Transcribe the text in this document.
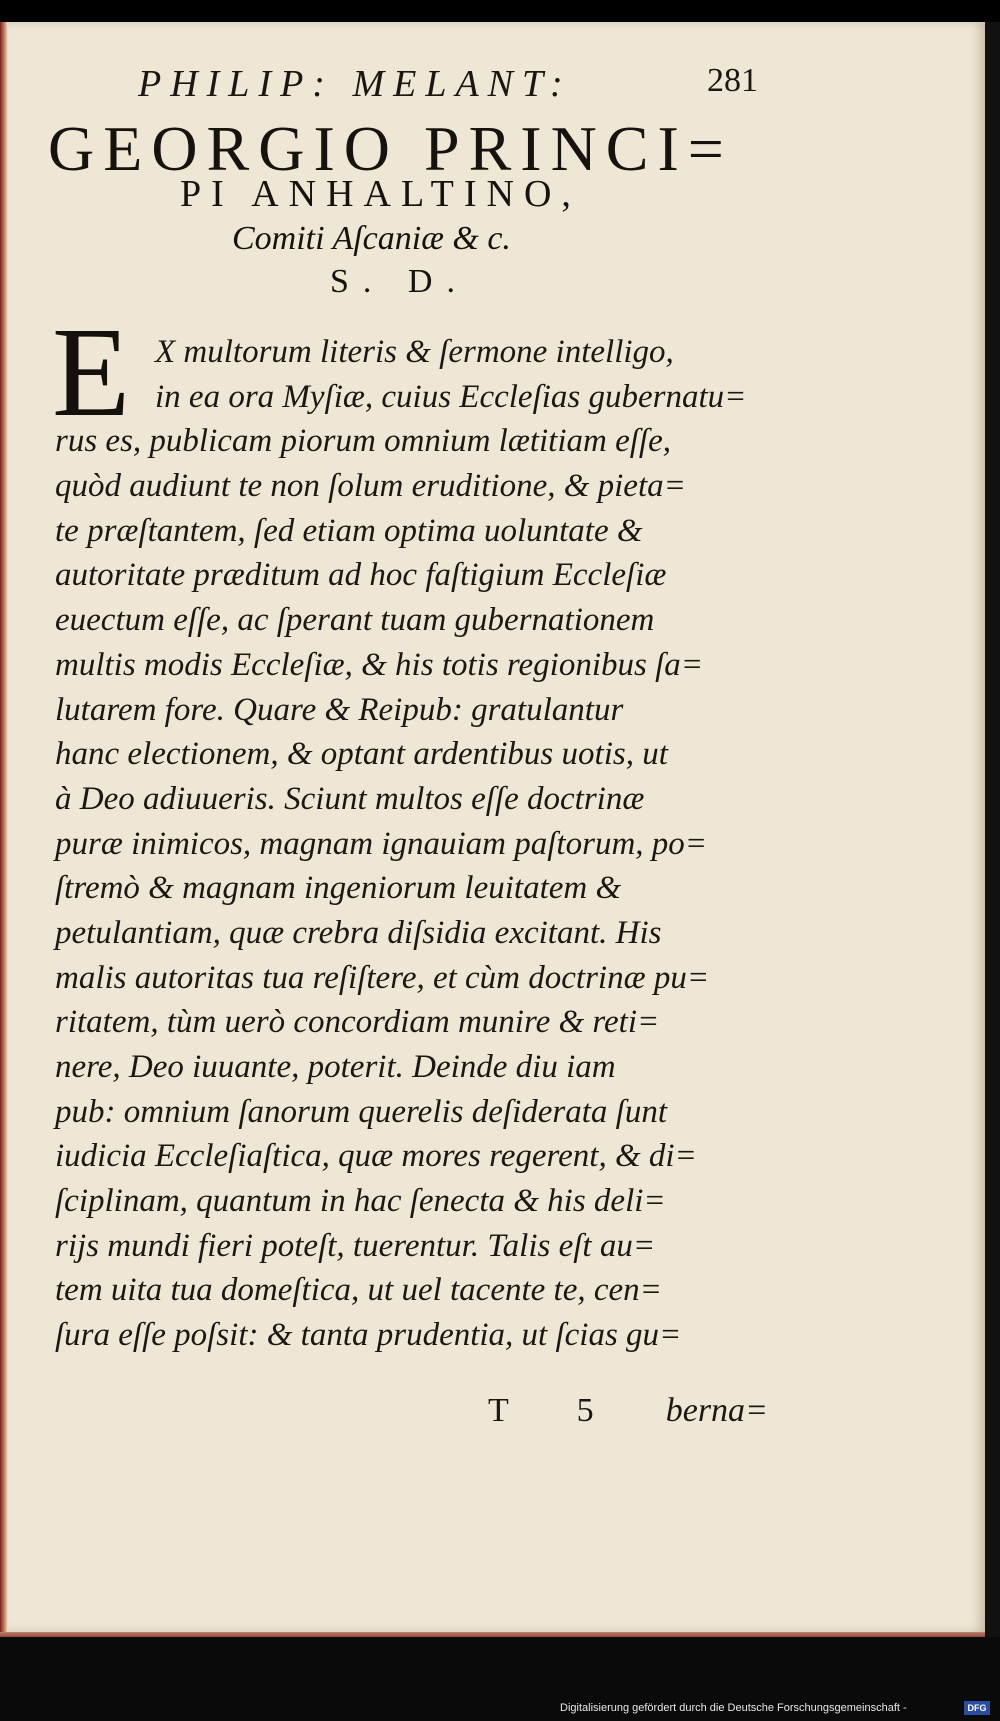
PHILIP: MELANT:	281
GEORGIO PRINCI=
PI ANHALTINO,
Comiti Aſcaniæ & c.
S. D.
E X multorum literis & ſermone intelligo,
in ea ora Myſiæ, cuius Eccleſias gubernatu=
rus es, publicam piorum omnium lætitiam eſſe,
quòd audiunt te non ſolum eruditione, & pieta=
te præſtantem, ſed etiam optima uoluntate &
autoritate præditum ad hoc faſtigium Eccleſiæ
euectum eſſe, ac ſperant tuam gubernationem
multis modis Eccleſiæ, & his totis regionibus ſa=
lutarem fore. Quare & Reipub: gratulantur
hanc electionem, & optant ardentibus uotis, ut
à Deo adiuueris. Sciunt multos eſſe doctrinæ
puræ inimicos, magnam ignauiam paſtorum, po=
ſtremò & magnam ingeniorum leuitatem &
petulantiam, quæ crebra diſsidia excitant. His
malis autoritas tua reſiſtere, et cùm doctrinæ pu=
ritatem, tùm uerò concordiam munire & reti=
nere, Deo iuuante, poterit. Deinde diu iam
pub: omnium ſanorum querelis deſiderata ſunt
iudicia Eccleſiaſtica, quæ mores regerent, & di=
ſciplinam, quantum in hac ſenecta & his deli=
rijs mundi fieri poteſt, tuerentur. Talis eſt au=
tem uita tua domeſtica, ut uel tacente te, cen=
ſura eſſe poſsit: & tanta prudentia, ut ſcias gu=
T 5 berna=
Digitalisierung gefördert durch die Deutsche Forschungsgemeinschaft -	DFG
